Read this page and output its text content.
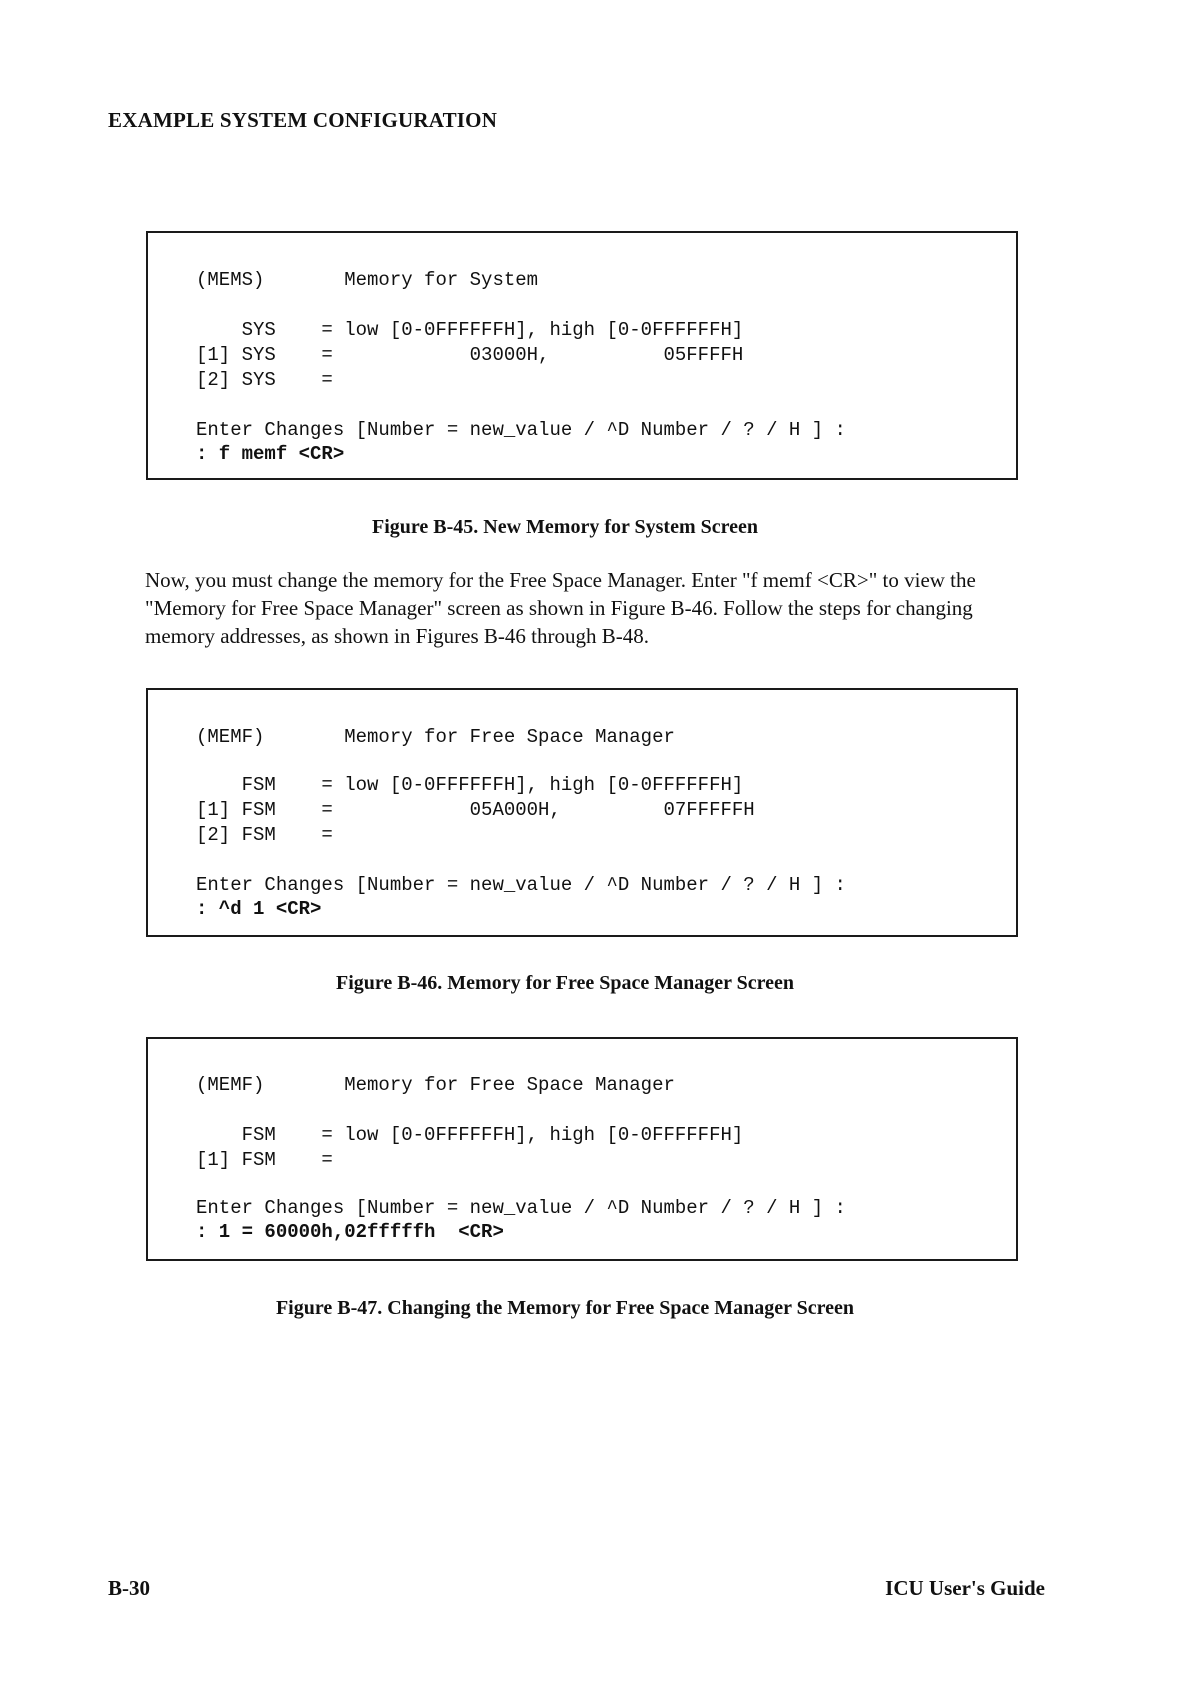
EXAMPLE SYSTEM CONFIGURATION
(MEMS)       Memory for System
SYS    = low [0-0FFFFFFH], high [0-0FFFFFFH]
[1] SYS    =            03000H,          05FFFFH
[2] SYS    =
Enter Changes [Number = new_value / ^D Number / ? / H ] :
: f memf <CR>
Figure B-45. New Memory for System Screen
Now, you must change the memory for the Free Space Manager. Enter "f memf <CR>" to view the "Memory for Free Space Manager" screen as shown in Figure B-46. Follow the steps for changing memory addresses, as shown in Figures B-46 through B-48.
(MEMF)       Memory for Free Space Manager
FSM    = low [0-0FFFFFFH], high [0-0FFFFFFH]
[1] FSM    =            05A000H,         07FFFFFH
[2] FSM    =
Enter Changes [Number = new_value / ^D Number / ? / H ] :
: ^d 1 <CR>
Figure B-46. Memory for Free Space Manager Screen
(MEMF)       Memory for Free Space Manager
FSM    = low [0-0FFFFFFH], high [0-0FFFFFFH]
[1] FSM    =
Enter Changes [Number = new_value / ^D Number / ? / H ] :
: 1 = 60000h,02fffffh  <CR>
Figure B-47. Changing the Memory for Free Space Manager Screen
B-30	ICU User's Guide
